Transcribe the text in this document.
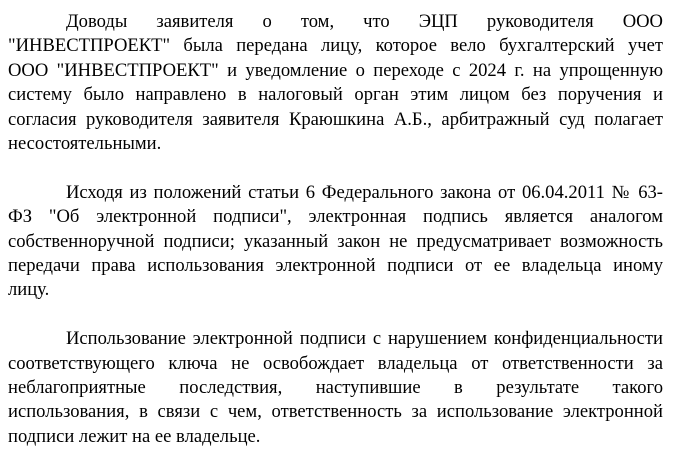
Доводы заявителя о том, что ЭЦП руководителя ООО
"ИНВЕСТПРОЕКТ" была передана лицу, которое вело бухгалтерский учет
ООО "ИНВЕСТПРОЕКТ" и уведомление о переходе с 2024 г. на упрощенную
систему было направлено в налоговый орган этим лицом без поручения и
согласия руководителя заявителя Краюшкина А.Б., арбитражный суд полагает
несостоятельными.
Исходя из положений статьи 6 Федерального закона от 06.04.2011 № 63-
ФЗ "Об электронной подписи", электронная подпись является аналогом
собственноручной подписи; указанный закон не предусматривает возможность
передачи права использования электронной подписи от ее владельца иному
лицу.
Использование электронной подписи с нарушением конфиденциальности
соответствующего ключа не освобождает владельца от ответственности за
неблагоприятные последствия, наступившие в результате такого
использования, в связи с чем, ответственность за использование электронной
подписи лежит на ее владельце.
